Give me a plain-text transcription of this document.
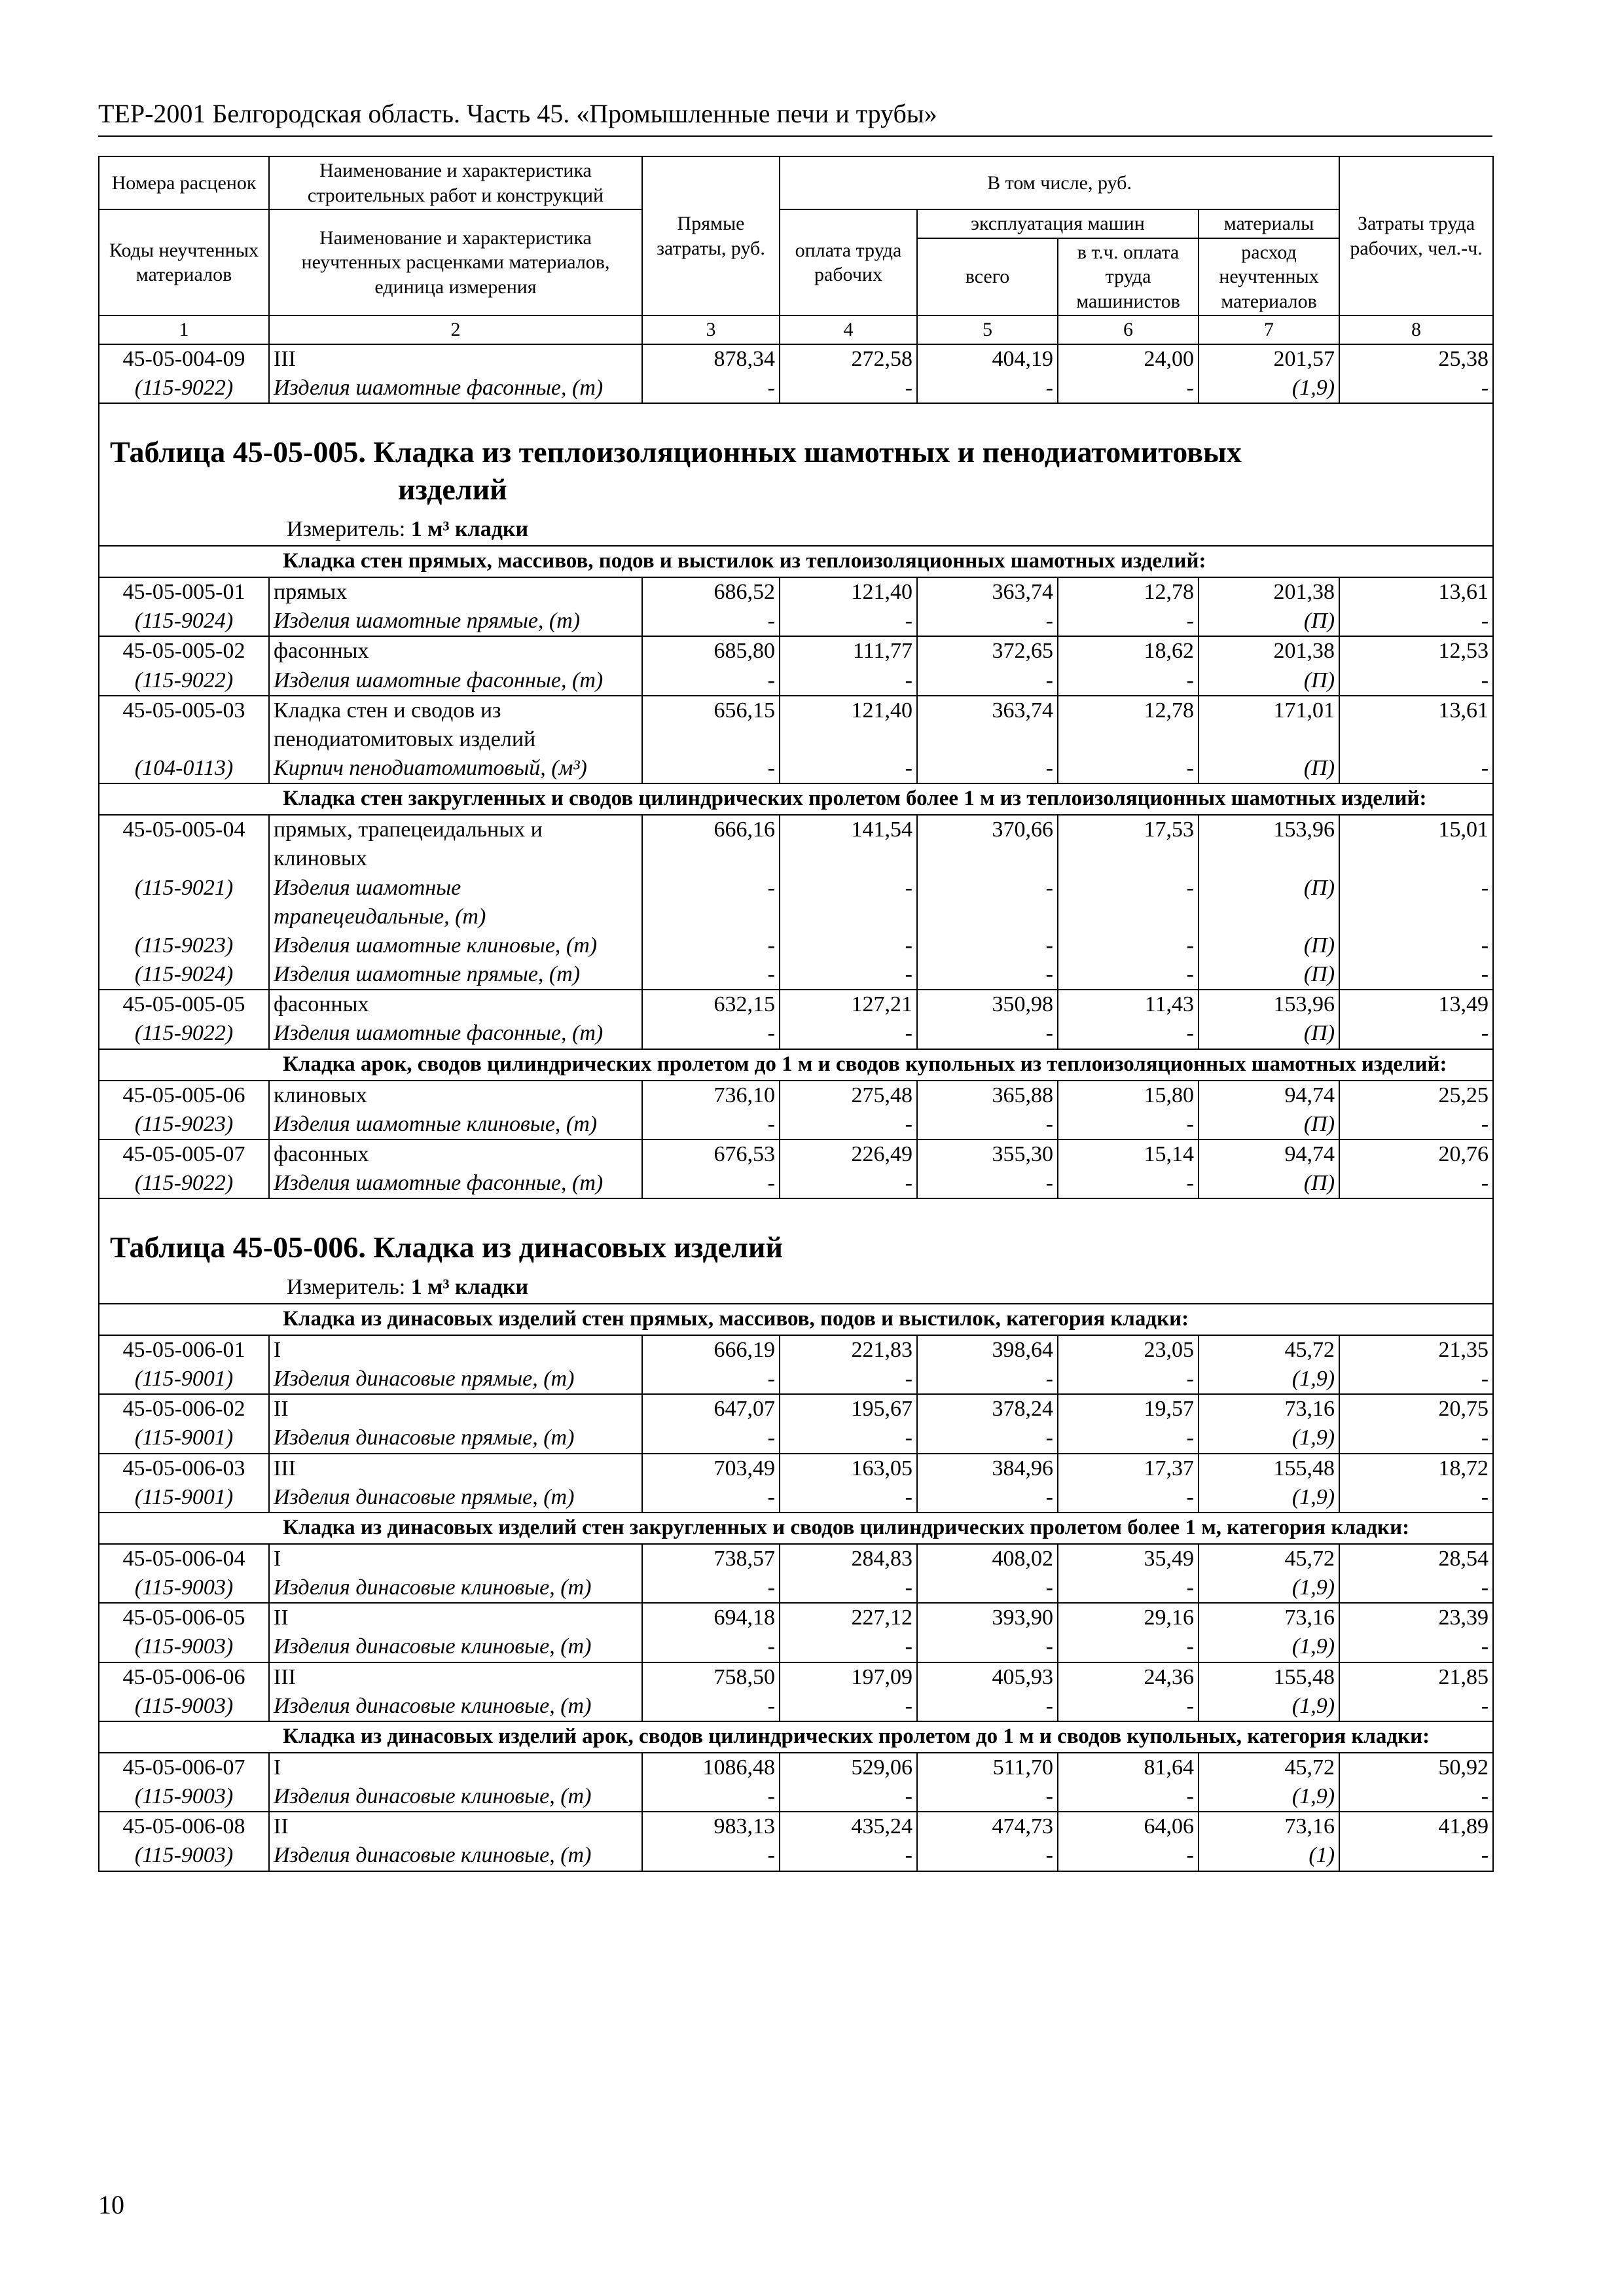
ТЕР-2001 Белгородская область. Часть 45. «Промышленные печи и трубы»
Номера расценок	Наименование и характеристика строительных работ и конструкций	Прямые затраты, руб.	В том числе, руб.				Затраты труда рабочих, чел.-ч.
Коды неучтенных материалов	Наименование и характеристика неучтенных расценками материалов, единица измерения		оплата труда рабочих	эксплуатация машин		материалы	
				всего	в т.ч. оплата труда машинистов	расход неучтенных материалов	
1	2	3	4	5	6	7	8
45-05-004-09	III	878,34	272,58	404,19	24,00	201,57	25,38
(115-9022)	Изделия шамотные фасонные, (т)	-	-	-	-	(1,9)	-

Таблица 45-05-005. Кладка из теплоизоляционных шамотных и пенодиатомитовых
изделий
Измеритель: 1 м³ кладки							

Кладка стен прямых, массивов, подов и выстилок из теплоизоляционных шамотных изделий:							
45-05-005-01	прямых	686,52	121,40	363,74	12,78	201,38	13,61
(115-9024)	Изделия шамотные прямые, (т)	-	-	-	-	(П)	-
45-05-005-02	фасонных	685,80	111,77	372,65	18,62	201,38	12,53
(115-9022)	Изделия шамотные фасонные, (т)	-	-	-	-	(П)	-
45-05-005-03	Кладка стен и сводов из пенодиатомитовых изделий	656,15	121,40	363,74	12,78	171,01	13,61
(104-0113)	Кирпич пенодиатомитовый, (м³)	-	-	-	-	(П)	-
Кладка стен закругленных и сводов цилиндрических пролетом более 1 м из теплоизоляционных шамотных изделий:							
45-05-005-04	прямых, трапецеидальных и клиновых	666,16	141,54	370,66	17,53	153,96	15,01
(115-9021)	Изделия шамотные трапецеидальные, (т)	-	-	-	-	(П)	-
(115-9023)	Изделия шамотные клиновые, (т)	-	-	-	-	(П)	-
(115-9024)	Изделия шамотные прямые, (т)	-	-	-	-	(П)	-
45-05-005-05	фасонных	632,15	127,21	350,98	11,43	153,96	13,49
(115-9022)	Изделия шамотные фасонные, (т)	-	-	-	-	(П)	-
Кладка арок, сводов цилиндрических пролетом до 1 м и сводов купольных из теплоизоляционных шамотных изделий:							
45-05-005-06	клиновых	736,10	275,48	365,88	15,80	94,74	25,25
(115-9023)	Изделия шамотные клиновые, (т)	-	-	-	-	(П)	-
45-05-005-07	фасонных	676,53	226,49	355,30	15,14	94,74	20,76
(115-9022)	Изделия шамотные фасонные, (т)	-	-	-	-	(П)	-

Таблица 45-05-006. Кладка из динасовых изделий
Измеритель: 1 м³ кладки							

Кладка из динасовых изделий стен прямых, массивов, подов и выстилок, категория кладки:							
45-05-006-01	I	666,19	221,83	398,64	23,05	45,72	21,35
(115-9001)	Изделия динасовые прямые, (т)	-	-	-	-	(1,9)	-
45-05-006-02	II	647,07	195,67	378,24	19,57	73,16	20,75
(115-9001)	Изделия динасовые прямые, (т)	-	-	-	-	(1,9)	-
45-05-006-03	III	703,49	163,05	384,96	17,37	155,48	18,72
(115-9001)	Изделия динасовые прямые, (т)	-	-	-	-	(1,9)	-
Кладка из динасовых изделий стен закругленных и сводов цилиндрических пролетом более 1 м, категория кладки:							
45-05-006-04	I	738,57	284,83	408,02	35,49	45,72	28,54
(115-9003)	Изделия динасовые клиновые, (т)	-	-	-	-	(1,9)	-
45-05-006-05	II	694,18	227,12	393,90	29,16	73,16	23,39
(115-9003)	Изделия динасовые клиновые, (т)	-	-	-	-	(1,9)	-
45-05-006-06	III	758,50	197,09	405,93	24,36	155,48	21,85
(115-9003)	Изделия динасовые клиновые, (т)	-	-	-	-	(1,9)	-
Кладка из динасовых изделий арок, сводов цилиндрических пролетом до 1 м и сводов купольных, категория кладки:							
45-05-006-07	I	1086,48	529,06	511,70	81,64	45,72	50,92
(115-9003)	Изделия динасовые клиновые, (т)	-	-	-	-	(1,9)	-
45-05-006-08	II	983,13	435,24	474,73	64,06	73,16	41,89
(115-9003)	Изделия динасовые клиновые, (т)	-	-	-	-	(1)	-
10
